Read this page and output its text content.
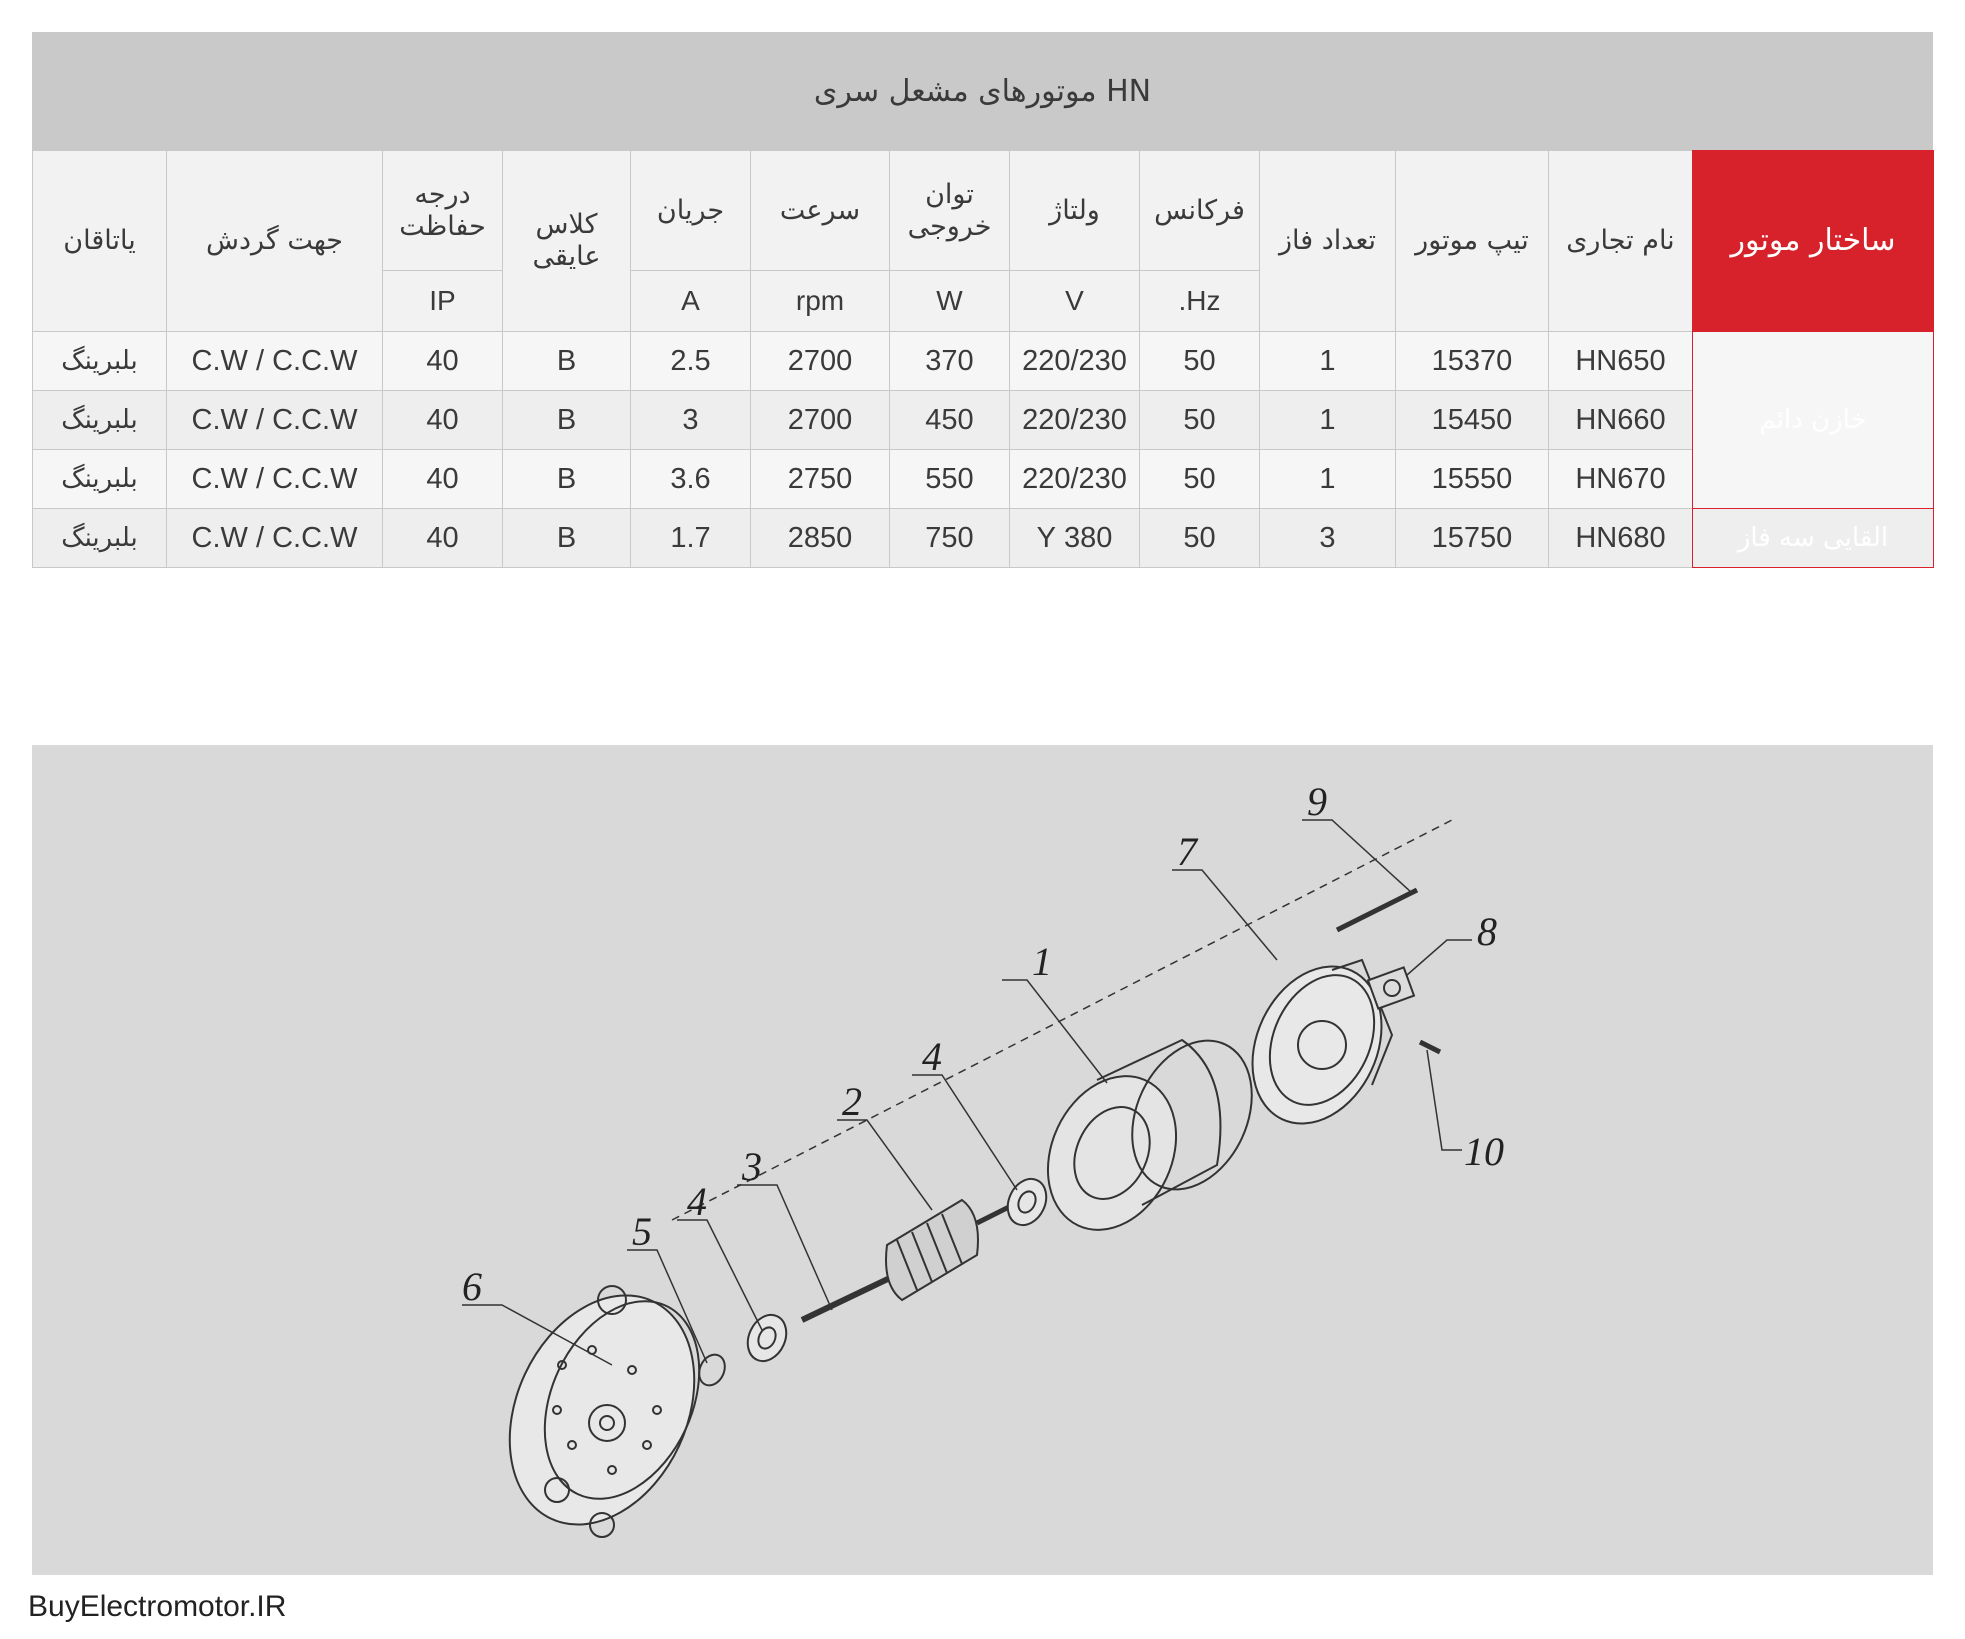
موتورهای مشعل سری HN
ساختار موتور	نام تجاری	تیپ موتور	تعداد فاز	فرکانس	ولتاژ	توان خروجی	سرعت	جریان	کلاس عایقی	درجه حفاظت	جهت گردش	یاتاقان
				Hz.	V	W	rpm	A		IP		
خازن دائم	HN650	15370	1	50	220/230	370	2700	2.5	B	40	C.W / C.C.W	بلبرینگ
	HN660	15450	1	50	220/230	450	2700	3	B	40	C.W / C.C.W	بلبرینگ
	HN670	15550	1	50	220/230	550	2750	3.6	B	40	C.W / C.C.W	بلبرینگ
القایی سه فاز	HN680	15750	3	50	380 Y	750	2850	1.7	B	40	C.W / C.C.W	بلبرینگ
1
2
3
4
4
5
6
7
8
9
10
BuyElectromotor.IR
